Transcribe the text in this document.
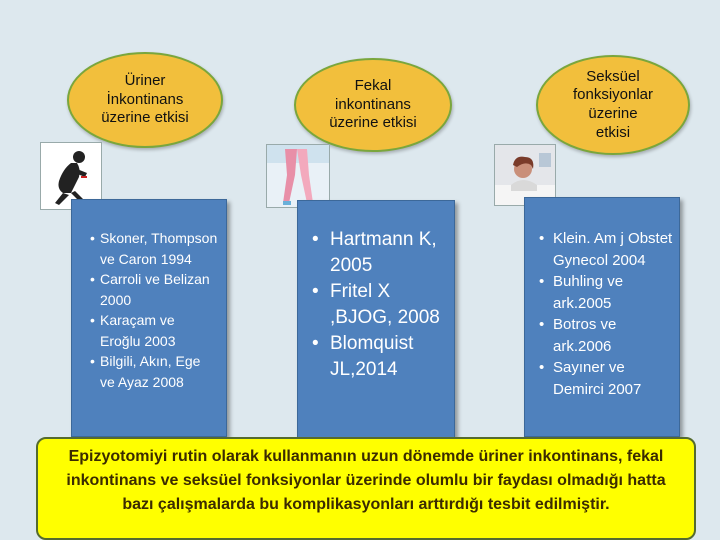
Üriner
İnkontinans
üzerine etkisi
• Skoner, Thompson ve Caron 1994
• Carroli ve Belizan 2000
• Karaçam ve Eroğlu 2003
• Bilgili, Akın, Ege ve Ayaz 2008
Fekal
inkontinans
üzerine etkisi
• Hartmann K, 2005
• Fritel X ,BJOG, 2008
• Blomquist JL,2014
Seksüel
fonksiyonlar
üzerine
etkisi
• Klein. Am j Obstet Gynecol 2004
• Buhling ve ark.2005
• Botros ve ark.2006
• Sayıner ve Demirci 2007
Epizyotomiyi rutin olarak kullanmanın uzun dönemde üriner inkontinans, fekal inkontinans ve seksüel fonksiyonlar üzerinde olumlu bir faydası olmadığı hatta bazı çalışmalarda bu komplikasyonları arttırdığı tesbit edilmiştir.
